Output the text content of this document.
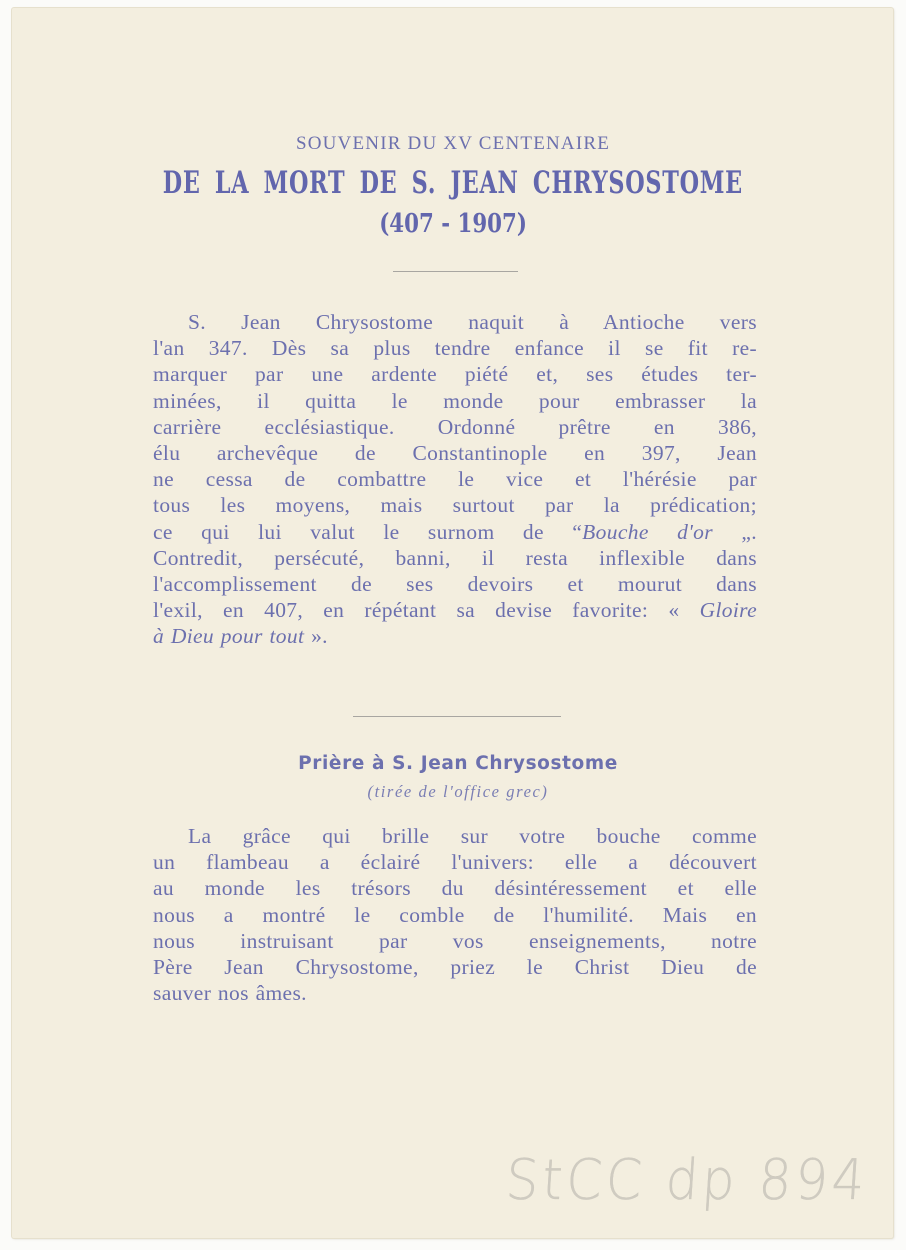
SOUVENIR DU XV CENTENAIRE
DE LA MORT DE S. JEAN CHRYSOSTOME
(407 - 1907)
S. Jean Chrysostome naquit à Antioche vers
l'an 347. Dès sa plus tendre enfance il se fit re-
marquer par une ardente piété et, ses études ter-
minées, il quitta le monde pour embrasser la
carrière ecclésiastique. Ordonné prêtre en 386,
élu archevêque de Constantinople en 397, Jean
ne cessa de combattre le vice et l'hérésie par
tous les moyens, mais surtout par la prédication;
ce qui lui valut le surnom de “Bouche d'or „.
Contredit, persécuté, banni, il resta inflexible dans
l'accomplissement de ses devoirs et mourut dans
l'exil, en 407, en répétant sa devise favorite: « Gloire
à Dieu pour tout ».
Prière à S. Jean Chrysostome
(tirée de l'office grec)
La grâce qui brille sur votre bouche comme
un flambeau a éclairé l'univers: elle a découvert
au monde les trésors du désintéressement et elle
nous a montré le comble de l'humilité. Mais en
nous instruisant par vos enseignements, notre
Père Jean Chrysostome, priez le Christ Dieu de
sauver nos âmes.
StCC dp 894
